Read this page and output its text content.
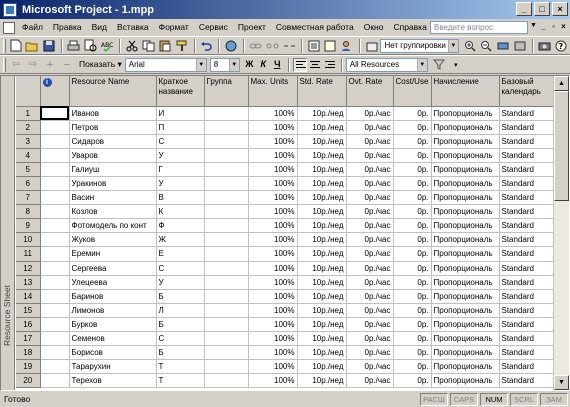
Microsoft Project - 1.mpp	_	□	×
Файл	Правка	Вид	Вставка	Формат	Сервис	Проект	Совместная работа	Окно	Справка Введите вопрос	▼ _ ▫ ×
ABC	Нет группировки ▼	?
⇦ ⇨ + − Показать ▾ Arial	▼	8	▼ Ж К Ч	All Resources	▼	▾
Resource Sheet
	i	Resource Name	Краткое название	Группа	Max. Units	Std. Rate	Ovt. Rate	Cost/Use	Начисление	Базовый календарь
1		Иванов	И		100%	10р./нед	0р./час	0р.	Пропорциональ	Standard
2		Петров	П		100%	10р./нед	0р./час	0р.	Пропорциональ	Standard
3		Сидаров	С		100%	10р./нед	0р./час	0р.	Пропорциональ	Standard
4		Уваров	У		100%	10р./нед	0р./час	0р.	Пропорциональ	Standard
5		Галиуш	Г		100%	10р./нед	0р./час	0р.	Пропорциональ	Standard
6		Уракинов	У		100%	10р./нед	0р./час	0р.	Пропорциональ	Standard
7		Васин	В		100%	10р./нед	0р./час	0р.	Пропорциональ	Standard
8		Козлов	К		100%	10р./нед	0р./час	0р.	Пропорциональ	Standard
9		Фотомодель по конт	Ф		100%	10р./нед	0р./час	0р.	Пропорциональ	Standard
10		Жуков	Ж		100%	10р./нед	0р./час	0р.	Пропорциональ	Standard
11		Еремин	Е		100%	10р./нед	0р./час	0р.	Пропорциональ	Standard
12		Сергеева	С		100%	10р./нед	0р./час	0р.	Пропорциональ	Standard
13		Улецеева	У		100%	10р./нед	0р./час	0р.	Пропорциональ	Standard
14		Баринов	Б		100%	10р./нед	0р./час	0р.	Пропорциональ	Standard
15		Лимонов	Л		100%	10р./нед	0р./час	0р.	Пропорциональ	Standard
16		Бурков	Б		100%	10р./нед	0р./час	0р.	Пропорциональ	Standard
17		Семенов	С		100%	10р./нед	0р./час	0р.	Пропорциональ	Standard
18		Борисов	Б		100%	10р./нед	0р./час	0р.	Пропорциональ	Standard
19		Тарарухин	Т		100%	10р./нед	0р./час	0р.	Пропорциональ	Standard
20		Терехов	Т		100%	10р./нед	0р./час	0р.	Пропорциональ	Standard
▲
▼
Готово	РАСШ	CAPS	NUM	SCRL	ЗАМ
